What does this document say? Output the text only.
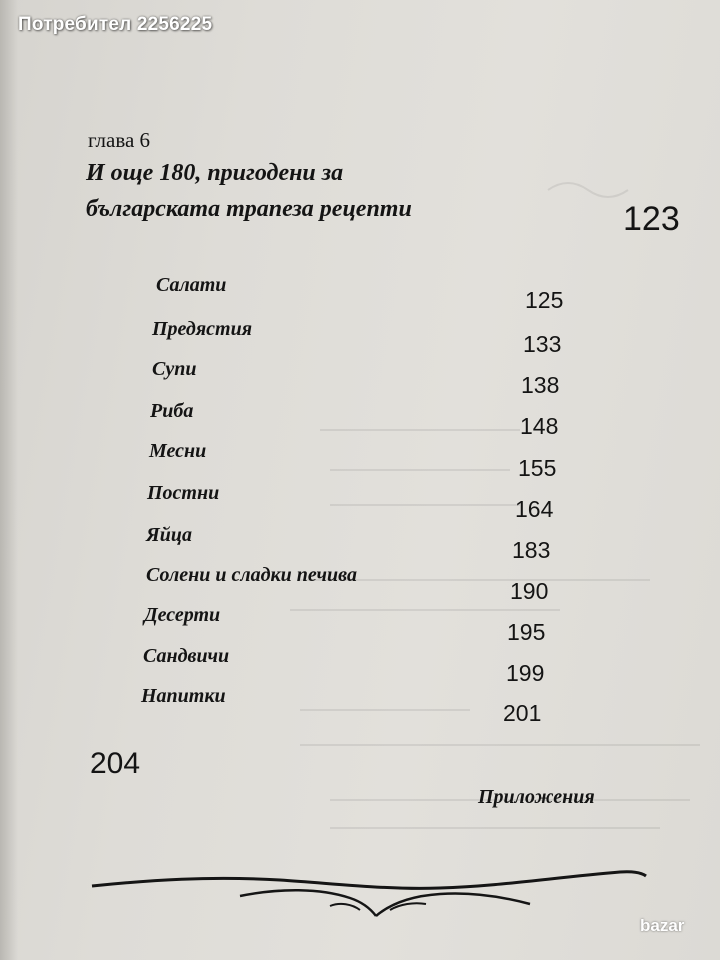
Потребител 2256225
глава 6
И още 180, пригодени за
българската трапеза рецепти	123
Салати
125
Предястия
133
Супи
138
Риба
148
Месни
155
Постни
164
Яйца
183
Солени и сладки печива
190
Десерти
195
Сандвичи
199
Напитки
201
204
Приложения
bazar
